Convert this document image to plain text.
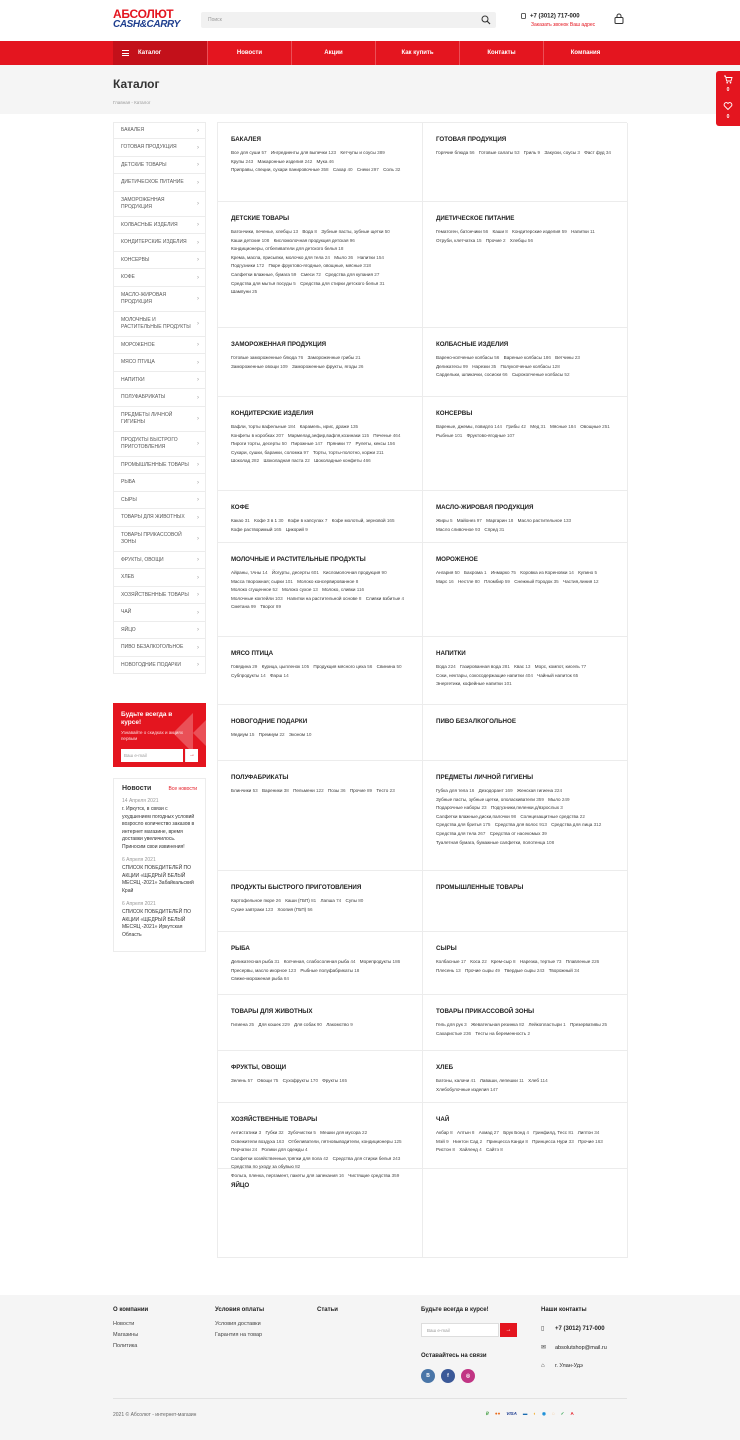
АБСОЛЮТ
CASH&CARRY	Поиск
+7 (3012) 717-000
Заказать звонок Ваш адрес
Каталог	Новости	Акции	Как купить	Контакты	Компания
Каталог
Главная - Каталог
0
0
БАКАЛЕЯ	›
ГОТОВАЯ ПРОДУКЦИЯ	›
ДЕТСКИЕ ТОВАРЫ	›
ДИЕТИЧЕСКОЕ ПИТАНИЕ ›
ЗАМОРОЖЕННАЯ ПРОДУКЦИЯ	›
КОЛБАСНЫЕ ИЗДЕЛИЯ	›
КОНДИТЕРСКИЕ ИЗДЕЛИЯ ›
КОНСЕРВЫ	›
КОФЕ	›
МАСЛО-ЖИРОВАЯ ПРОДУКЦИЯ	›
МОЛОЧНЫЕ И РАСТИТЕЛЬНЫЕ ПРОДУКТЫ	›
МОРОЖЕНОЕ	›
МЯСО ПТИЦА	›
НАПИТКИ	›
ПОЛУФАБРИКАТЫ	›
ПРЕДМЕТЫ ЛИЧНОЙ ГИГИЕНЫ	›
ПРОДУКТЫ БЫСТРОГО ПРИГОТОВЛЕНИЯ	›
ПРОМЫШЛЕННЫЕ ТОВАРЫ ›
РЫБА	›
СЫРЫ	›
ТОВАРЫ ДЛЯ ЖИВОТНЫХ ›
ТОВАРЫ ПРИКАССОВОЙ ЗОНЫ	›
ФРУКТЫ, ОВОЩИ	›
ХЛЕБ	›
ХОЗЯЙСТВЕННЫЕ ТОВАРЫ ›
ЧАЙ	›
ЯЙЦО	›
ПИВО БЕЗАЛКОГОЛЬНОЕ ›
НОВОГОДНИЕ ПОДАРКИ	›
Будьте всегда в курсе!
Узнавайте о скидках и акциях первым
Ваш e-mail	→
Новости	Все новости
14 Апреля 2021
г. Иркутск, в связи с ухудшением погодных условий возросло количество заказов в интернет магазине, время доставки увеличилось. Приносим свои извинения!
6 Апреля 2021
СПИСОК ПОБЕДИТЕЛЕЙ ПО АКЦИИ «ЩЕДРЫЙ БЕЛЫЙ МЕСЯЦ -2021» Забайкальский Край
6 Апреля 2021
СПИСОК ПОБЕДИТЕЛЕЙ ПО АКЦИИ «ЩЕДРЫЙ БЕЛЫЙ МЕСЯЦ -2021» Иркутская Область
БАКАЛЕЯ
Все для суши 57 Ингредиенты для выпечки 123 Кетчупы и соусы 389 Крупы 243 Макаронные изделия 242 Мука 46 Приправы, специи, сухари панировочные 358 Сахар 40 Снеки 297 Соль 32
ГОТОВАЯ ПРОДУКЦИЯ
Горячие блюда 56 Готовые салаты 53 Гриль 9 Закуски, соусы 3 Фаст фуд 34
ДЕТСКИЕ ТОВАРЫ
Батончики, печенье, хлебцы 13 Вода 8 Зубные пасты, зубные щетки 50 Каши детские 108 Кисломолочная продукция детская 96 Кондиционеры, отбеливатели для детского белья 18 Крема, масла, присыпки, молочко для тела 24 Мыло 36 Напитки 154 Подгузники 172 Пюре фруктово-ягодные, овощные, мясные 318 Салфетки влажные, бумага 59 Смеси 72 Средства для купания 27 Средства для мытья посуды 5 Средства для стирки детского белья 31 Шампуни 25
ДИЕТИЧЕСКОЕ ПИТАНИЕ
Гематоген, батончики 56 Каши 8 Кондитерские изделия 59 Напитки 11 Отруби, клетчатка 15 Прочие 2 Хлебцы 56
ЗАМОРОЖЕННАЯ ПРОДУКЦИЯ
Готовые замороженные блюда 76 Замороженные грибы 21 Замороженные овощи 109 Замороженные фрукты, ягоды 26
КОЛБАСНЫЕ ИЗДЕЛИЯ
Варено-копченые колбасы 56 Вареные колбасы 186 Ветчины 23 Деликатесы 99 Нарезки 35 Полукопченые колбасы 128 Сардельки, шпикачки, сосиски 66 Сырокопченые колбасы 52
КОНДИТЕРСКИЕ ИЗДЕЛИЯ
Вафли, торты вафельные 184 Карамель, ирис, драже 135 Конфеты в коробках 207 Мармелад,зефир,вафля,козинаки 115 Печенье 464 Пироги торты, десерты 50 Пирожные 147 Пряники 77 Рулеты, кексы 156 Сухари, сушки, баранки, соломка 97 Торты, торты-полотно, коржи 211 Шоколад 282 Шоколадная паста 22 Шоколадные конфеты 466
КОНСЕРВЫ
Вареные, джемы, повидло 144 Грибы 42 Мед 31 Мясные 184 Овощные 251 Рыбные 101 Фруктово-ягодные 107
КОФЕ
Какао 31 Кофе 3 в 1 30 Кофе в капсулах 7 Кофе молотый, зерновой 165 Кофе растворимый 165 Цикорий 9
МАСЛО-ЖИРОВАЯ ПРОДУКЦИЯ
Жиры 5 Майонез 97 Маргарин 18 Масло растительное 133 Масло сливочное 93 Спред 31
МОЛОЧНЫЕ И РАСТИТЕЛЬНЫЕ ПРОДУКТЫ
Айраны, тАны 14 Йогурты, десерты 601 Кисломолочная продукция 90 Масса творожная; сырки 101 Молоко консервированное 8 Молоко сгущенное 52 Молоко сухое 13 Молоко, сливки 116 Молочные коктейли 103 Напитки на растительной основе 8 Сливки взбитые 4 Сметана 99 Творог 89
МОРОЖЕНОЕ
Ангария 50 Бахрома 1 Инмарко 75 Коровка из Кореновки 14 Купино 5 Марс 16 Нестле 80 Пломбир 59 Снежный Городок 35 Частия,линия 12
МЯСО ПТИЦА
Говядина 29 Курица, цыпленок 105 Продукция мясного цеха 56 Свинина 50 Субпродукты 14 Фарш 14
НАПИТКИ
Вода 224 Газированная вода 281 Квас 13 Морс, компот, кисель 77 Соки, нектары, сокосодержащие напитки 404 Чайный напиток 65 Энергетики, кофейные напитки 101
НОВОГОДНИЕ ПОДАРКИ
Медиум 15 Премиум 22 Эконом 10
ПИВО БЕЗАЛКОГОЛЬНОЕ
ПОЛУФАБРИКАТЫ
Блинчики 53 Вареники 38 Пельмени 122 Позы 36 Прочие 89 Тесто 23
ПРЕДМЕТЫ ЛИЧНОЙ ГИГИЕНЫ
Губка для тела 16 Дезодорант 169 Женская гигиена 224 Зубные пасты, зубные щетки, ополаскиватели 359 Мыло 249 Подарочные наборы 23 Подгузники,пеленки,д/взрослых 3 Салфетки влажные,диски,палочки 98 Солнцезащитные средства 22 Средства для бритья 175 Средства для волос 913 Средства для лица 312 Средства для тела 267 Средства от насекомых 39 Туалетная бумага, бумажные салфетки, полотенца 108
ПРОДУКТЫ БЫСТРОГО ПРИГОТОВЛЕНИЯ
Картофельное пюре 26 Каши (ГБП) 81 Лапша 74 Супы 80 Сухие завтраки 123 Хоопия (ГБП) 56
ПРОМЫШЛЕННЫЕ ТОВАРЫ
РЫБА
Деликатесная рыба 31 Копченая, слабосоленая рыба 44 Морепродукты 186 Пресервы, масло икорное 123 Рыбные полуфабрикаты 18 Свеже-мороженая рыба 84
СЫРЫ
Колбасные 17 Коса 22 Крем-сыр 8 Нарезка, тертые 73 Плавленые 226 Плесень 13 Прочие сыры 49 Твердые сыры 243 Творожный 34
ТОВАРЫ ДЛЯ ЖИВОТНЫХ
Гигиена 25 Для кошек 229 Для собак 90 Лакомство 9
ТОВАРЫ ПРИКАССОВОЙ ЗОНЫ
Гель для рук 3 Жевательная резинка 82 Лейкопластыри 1 Презервативы 25 Сахаристые 236 Тесты на беременность 2
ФРУКТЫ, ОВОЩИ
Зелень 57 Овощи 75 Сухофрукты 170 Фрукты 165
ХЛЕБ
Батоны, калачи 41 Лаваши, лепешки 11 Хлеб 114 Хлебобулочные изделия 147
ХОЗЯЙСТВЕННЫЕ ТОВАРЫ
Антистатики 3 Губки 32 Зубочистки 5 Мешки для мусора 22 Освежители воздуха 163 Отбеливатели, пятновыводители, кондиционеры 125 Перчатки 24 Ролики для одежды 4 Салфетки хозяйственные,тряпки для пола 42 Средства для стирки белья 243 Средства по уходу за обувью 82 Фольга, пленка, пергамент, пакеты для запекания 16 Чистящие средства 359
ЧАЙ
Акбар 8 Алтын 8 Ахмад 27 Брук Бонд 4 Гринфилд, Тесс 81 Липтон 34 Мэй 9 Нинтон Сад 2 Принцесса Канди 8 Принцесса Нури 33 Прочие 163 Ристон 8 Хайленд 4 Сайтэ 8
ЯЙЦО
О компании
Новости
Магазины
Политика
Условия оплаты
Условия доставки
Гарантия на товар
Статьи	Будьте всегда в курсе!
Ваш e-mail	→
Оставайтесь на связи
В	f	◎
Наши контакты
▯ +7 (3012) 717-000
✉ absolutshop@mail.ru
⌂ г. Улан-Удэ
2021 © Абсолют - интернет-магазин	₽ ●● VISA ▬ ◐ ◉ ◌ ✓ А
